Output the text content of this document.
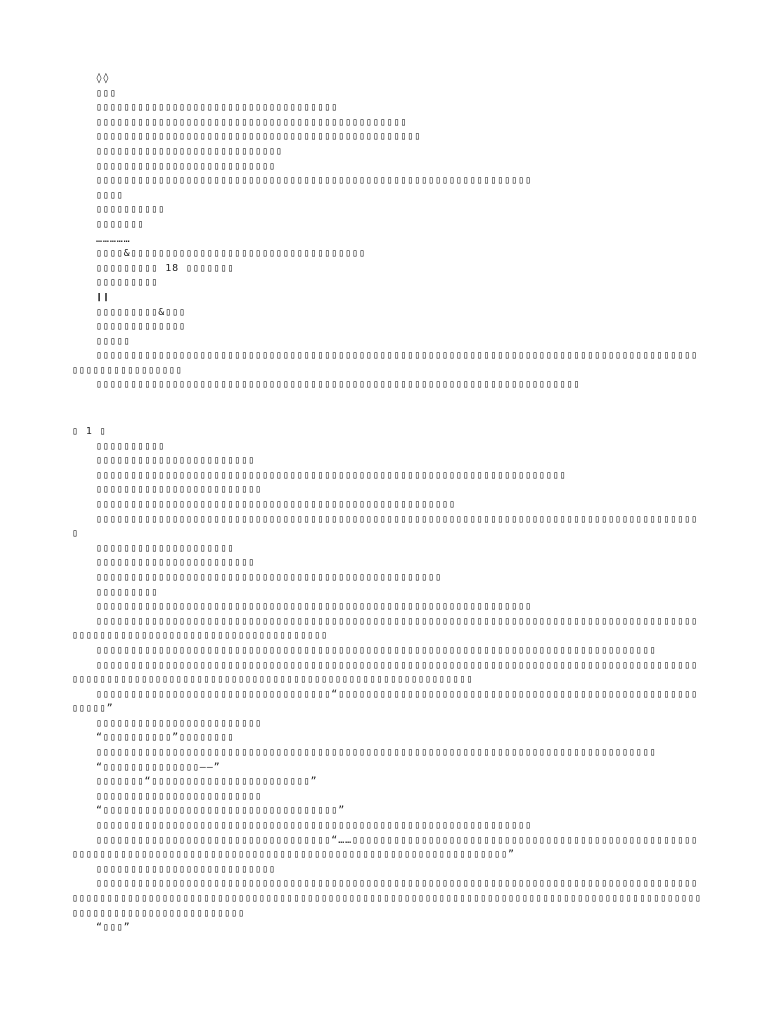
◊◊
▯▯▯
▯▯▯▯▯▯▯▯▯▯▯▯▯▯▯▯▯▯▯▯▯▯▯▯▯▯▯▯▯▯▯▯▯▯▯
▯▯▯▯▯▯▯▯▯▯▯▯▯▯▯▯▯▯▯▯▯▯▯▯▯▯▯▯▯▯▯▯▯▯▯▯▯▯▯▯▯▯▯▯▯
▯▯▯▯▯▯▯▯▯▯▯▯▯▯▯▯▯▯▯▯▯▯▯▯▯▯▯▯▯▯▯▯▯▯▯▯▯▯▯▯▯▯▯▯▯▯▯
▯▯▯▯▯▯▯▯▯▯▯▯▯▯▯▯▯▯▯▯▯▯▯▯▯▯▯
▯▯▯▯▯▯▯▯▯▯▯▯▯▯▯▯▯▯▯▯▯▯▯▯▯▯
▯▯▯▯▯▯▯▯▯▯▯▯▯▯▯▯▯▯▯▯▯▯▯▯▯▯▯▯▯▯▯▯▯▯▯▯▯▯▯▯▯▯▯▯▯▯▯▯▯▯▯▯▯▯▯▯▯▯▯▯▯▯▯
▯▯▯▯
▯▯▯▯▯▯▯▯▯▯
▯▯▯▯▯▯▯
……………
▯▯▯▯&▯▯▯▯▯▯▯▯▯▯▯▯▯▯▯▯▯▯▯▯▯▯▯▯▯▯▯▯▯▯▯▯▯▯
▯▯▯▯▯▯▯▯▯ 18 ▯▯▯▯▯▯▯
▯▯▯▯▯▯▯▯▯
❙❙
▯▯▯▯▯▯▯▯▯&▯▯▯
▯▯▯▯▯▯▯▯▯▯▯▯▯
▯▯▯▯▯
▯▯▯▯▯▯▯▯▯▯▯▯▯▯▯▯▯▯▯▯▯▯▯▯▯▯▯▯▯▯▯▯▯▯▯▯▯▯▯▯▯▯▯▯▯▯▯▯▯▯▯▯▯▯▯▯▯▯▯▯▯▯▯▯▯▯▯▯▯▯▯▯▯▯▯▯▯▯▯▯▯▯▯▯▯▯▯▯▯▯▯▯▯▯▯▯▯▯▯▯▯▯▯
▯▯▯▯▯▯▯▯▯▯▯▯▯▯▯▯▯▯▯▯▯▯▯▯▯▯▯▯▯▯▯▯▯▯▯▯▯▯▯▯▯▯▯▯▯▯▯▯▯▯▯▯▯▯▯▯▯▯▯▯▯▯▯▯▯▯▯▯▯▯
▯ 1 ▯
▯▯▯▯▯▯▯▯▯▯
▯▯▯▯▯▯▯▯▯▯▯▯▯▯▯▯▯▯▯▯▯▯▯
▯▯▯▯▯▯▯▯▯▯▯▯▯▯▯▯▯▯▯▯▯▯▯▯▯▯▯▯▯▯▯▯▯▯▯▯▯▯▯▯▯▯▯▯▯▯▯▯▯▯▯▯▯▯▯▯▯▯▯▯▯▯▯▯▯▯▯▯
▯▯▯▯▯▯▯▯▯▯▯▯▯▯▯▯▯▯▯▯▯▯▯▯
▯▯▯▯▯▯▯▯▯▯▯▯▯▯▯▯▯▯▯▯▯▯▯▯▯▯▯▯▯▯▯▯▯▯▯▯▯▯▯▯▯▯▯▯▯▯▯▯▯▯▯▯
▯▯▯▯▯▯▯▯▯▯▯▯▯▯▯▯▯▯▯▯▯▯▯▯▯▯▯▯▯▯▯▯▯▯▯▯▯▯▯▯▯▯▯▯▯▯▯▯▯▯▯▯▯▯▯▯▯▯▯▯▯▯▯▯▯▯▯▯▯▯▯▯▯▯▯▯▯▯▯▯▯▯▯▯▯▯▯▯
▯▯▯▯▯▯▯▯▯▯▯▯▯▯▯▯▯▯▯▯
▯▯▯▯▯▯▯▯▯▯▯▯▯▯▯▯▯▯▯▯▯▯▯
▯▯▯▯▯▯▯▯▯▯▯▯▯▯▯▯▯▯▯▯▯▯▯▯▯▯▯▯▯▯▯▯▯▯▯▯▯▯▯▯▯▯▯▯▯▯▯▯▯▯
▯▯▯▯▯▯▯▯▯
▯▯▯▯▯▯▯▯▯▯▯▯▯▯▯▯▯▯▯▯▯▯▯▯▯▯▯▯▯▯▯▯▯▯▯▯▯▯▯▯▯▯▯▯▯▯▯▯▯▯▯▯▯▯▯▯▯▯▯▯▯▯▯
▯▯▯▯▯▯▯▯▯▯▯▯▯▯▯▯▯▯▯▯▯▯▯▯▯▯▯▯▯▯▯▯▯▯▯▯▯▯▯▯▯▯▯▯▯▯▯▯▯▯▯▯▯▯▯▯▯▯▯▯▯▯▯▯▯▯▯▯▯▯▯▯▯▯▯▯▯▯▯▯▯▯▯▯▯▯▯▯▯▯▯▯▯▯▯▯▯▯▯▯▯▯▯▯▯▯▯▯▯▯▯▯▯▯▯▯▯▯▯▯▯▯▯▯
▯▯▯▯▯▯▯▯▯▯▯▯▯▯▯▯▯▯▯▯▯▯▯▯▯▯▯▯▯▯▯▯▯▯▯▯▯▯▯▯▯▯▯▯▯▯▯▯▯▯▯▯▯▯▯▯▯▯▯▯▯▯▯▯▯▯▯▯▯▯▯▯▯▯▯▯▯▯▯▯▯
▯▯▯▯▯▯▯▯▯▯▯▯▯▯▯▯▯▯▯▯▯▯▯▯▯▯▯▯▯▯▯▯▯▯▯▯▯▯▯▯▯▯▯▯▯▯▯▯▯▯▯▯▯▯▯▯▯▯▯▯▯▯▯▯▯▯▯▯▯▯▯▯▯▯▯▯▯▯▯▯▯▯▯▯▯▯▯▯▯▯▯▯▯▯▯▯▯▯▯▯▯▯▯▯▯▯▯▯▯▯▯▯▯▯▯▯▯▯▯▯▯▯▯▯▯▯▯▯▯▯▯▯▯▯▯▯▯▯▯▯▯▯▯▯▯
▯▯▯▯▯▯▯▯▯▯▯▯▯▯▯▯▯▯▯▯▯▯▯▯▯▯▯▯▯▯▯▯▯▯“▯▯▯▯▯▯▯▯▯▯▯▯▯▯▯▯▯▯▯▯▯▯▯▯▯▯▯▯▯▯▯▯▯▯▯▯▯▯▯▯▯▯▯▯▯▯▯▯▯▯▯▯▯▯▯▯▯”
▯▯▯▯▯▯▯▯▯▯▯▯▯▯▯▯▯▯▯▯▯▯▯▯
“▯▯▯▯▯▯▯▯▯▯”▯▯▯▯▯▯▯▯
▯▯▯▯▯▯▯▯▯▯▯▯▯▯▯▯▯▯▯▯▯▯▯▯▯▯▯▯▯▯▯▯▯▯▯▯▯▯▯▯▯▯▯▯▯▯▯▯▯▯▯▯▯▯▯▯▯▯▯▯▯▯▯▯▯▯▯▯▯▯▯▯▯▯▯▯▯▯▯▯▯
“▯▯▯▯▯▯▯▯▯▯▯▯▯▯——”
▯▯▯▯▯▯▯“▯▯▯▯▯▯▯▯▯▯▯▯▯▯▯▯▯▯▯▯▯▯▯”
▯▯▯▯▯▯▯▯▯▯▯▯▯▯▯▯▯▯▯▯▯▯▯▯
“▯▯▯▯▯▯▯▯▯▯▯▯▯▯▯▯▯▯▯▯▯▯▯▯▯▯▯▯▯▯▯▯▯▯”
▯▯▯▯▯▯▯▯▯▯▯▯▯▯▯▯▯▯▯▯▯▯▯▯▯▯▯▯▯▯▯▯▯▯▯▯▯▯▯▯▯▯▯▯▯▯▯▯▯▯▯▯▯▯▯▯▯▯▯▯▯▯▯
▯▯▯▯▯▯▯▯▯▯▯▯▯▯▯▯▯▯▯▯▯▯▯▯▯▯▯▯▯▯▯▯▯▯“……▯▯▯▯▯▯▯▯▯▯▯▯▯▯▯▯▯▯▯▯▯▯▯▯▯▯▯▯▯▯▯▯▯▯▯▯▯▯▯▯▯▯▯▯▯▯▯▯▯▯▯▯▯▯▯▯▯▯▯▯▯▯▯▯▯▯▯▯▯▯▯▯▯▯▯▯▯▯▯▯▯▯▯▯▯▯▯▯▯▯▯▯▯▯▯▯▯▯▯▯▯▯▯▯▯▯▯▯▯▯▯▯▯”
▯▯▯▯▯▯▯▯▯▯▯▯▯▯▯▯▯▯▯▯▯▯▯▯▯▯
▯▯▯▯▯▯▯▯▯▯▯▯▯▯▯▯▯▯▯▯▯▯▯▯▯▯▯▯▯▯▯▯▯▯▯▯▯▯▯▯▯▯▯▯▯▯▯▯▯▯▯▯▯▯▯▯▯▯▯▯▯▯▯▯▯▯▯▯▯▯▯▯▯▯▯▯▯▯▯▯▯▯▯▯▯▯▯▯▯▯▯▯▯▯▯▯▯▯▯▯▯▯▯▯▯▯▯▯▯▯▯▯▯▯▯▯▯▯▯▯▯▯▯▯▯▯▯▯▯▯▯▯▯▯▯▯▯▯▯▯▯▯▯▯▯▯▯▯▯▯▯▯▯▯▯▯▯▯▯▯▯▯▯▯▯▯▯▯▯▯▯▯▯▯▯▯▯▯▯▯▯▯▯▯▯▯▯▯▯▯▯▯▯▯▯▯▯▯▯▯▯▯▯
“▯▯▯”
